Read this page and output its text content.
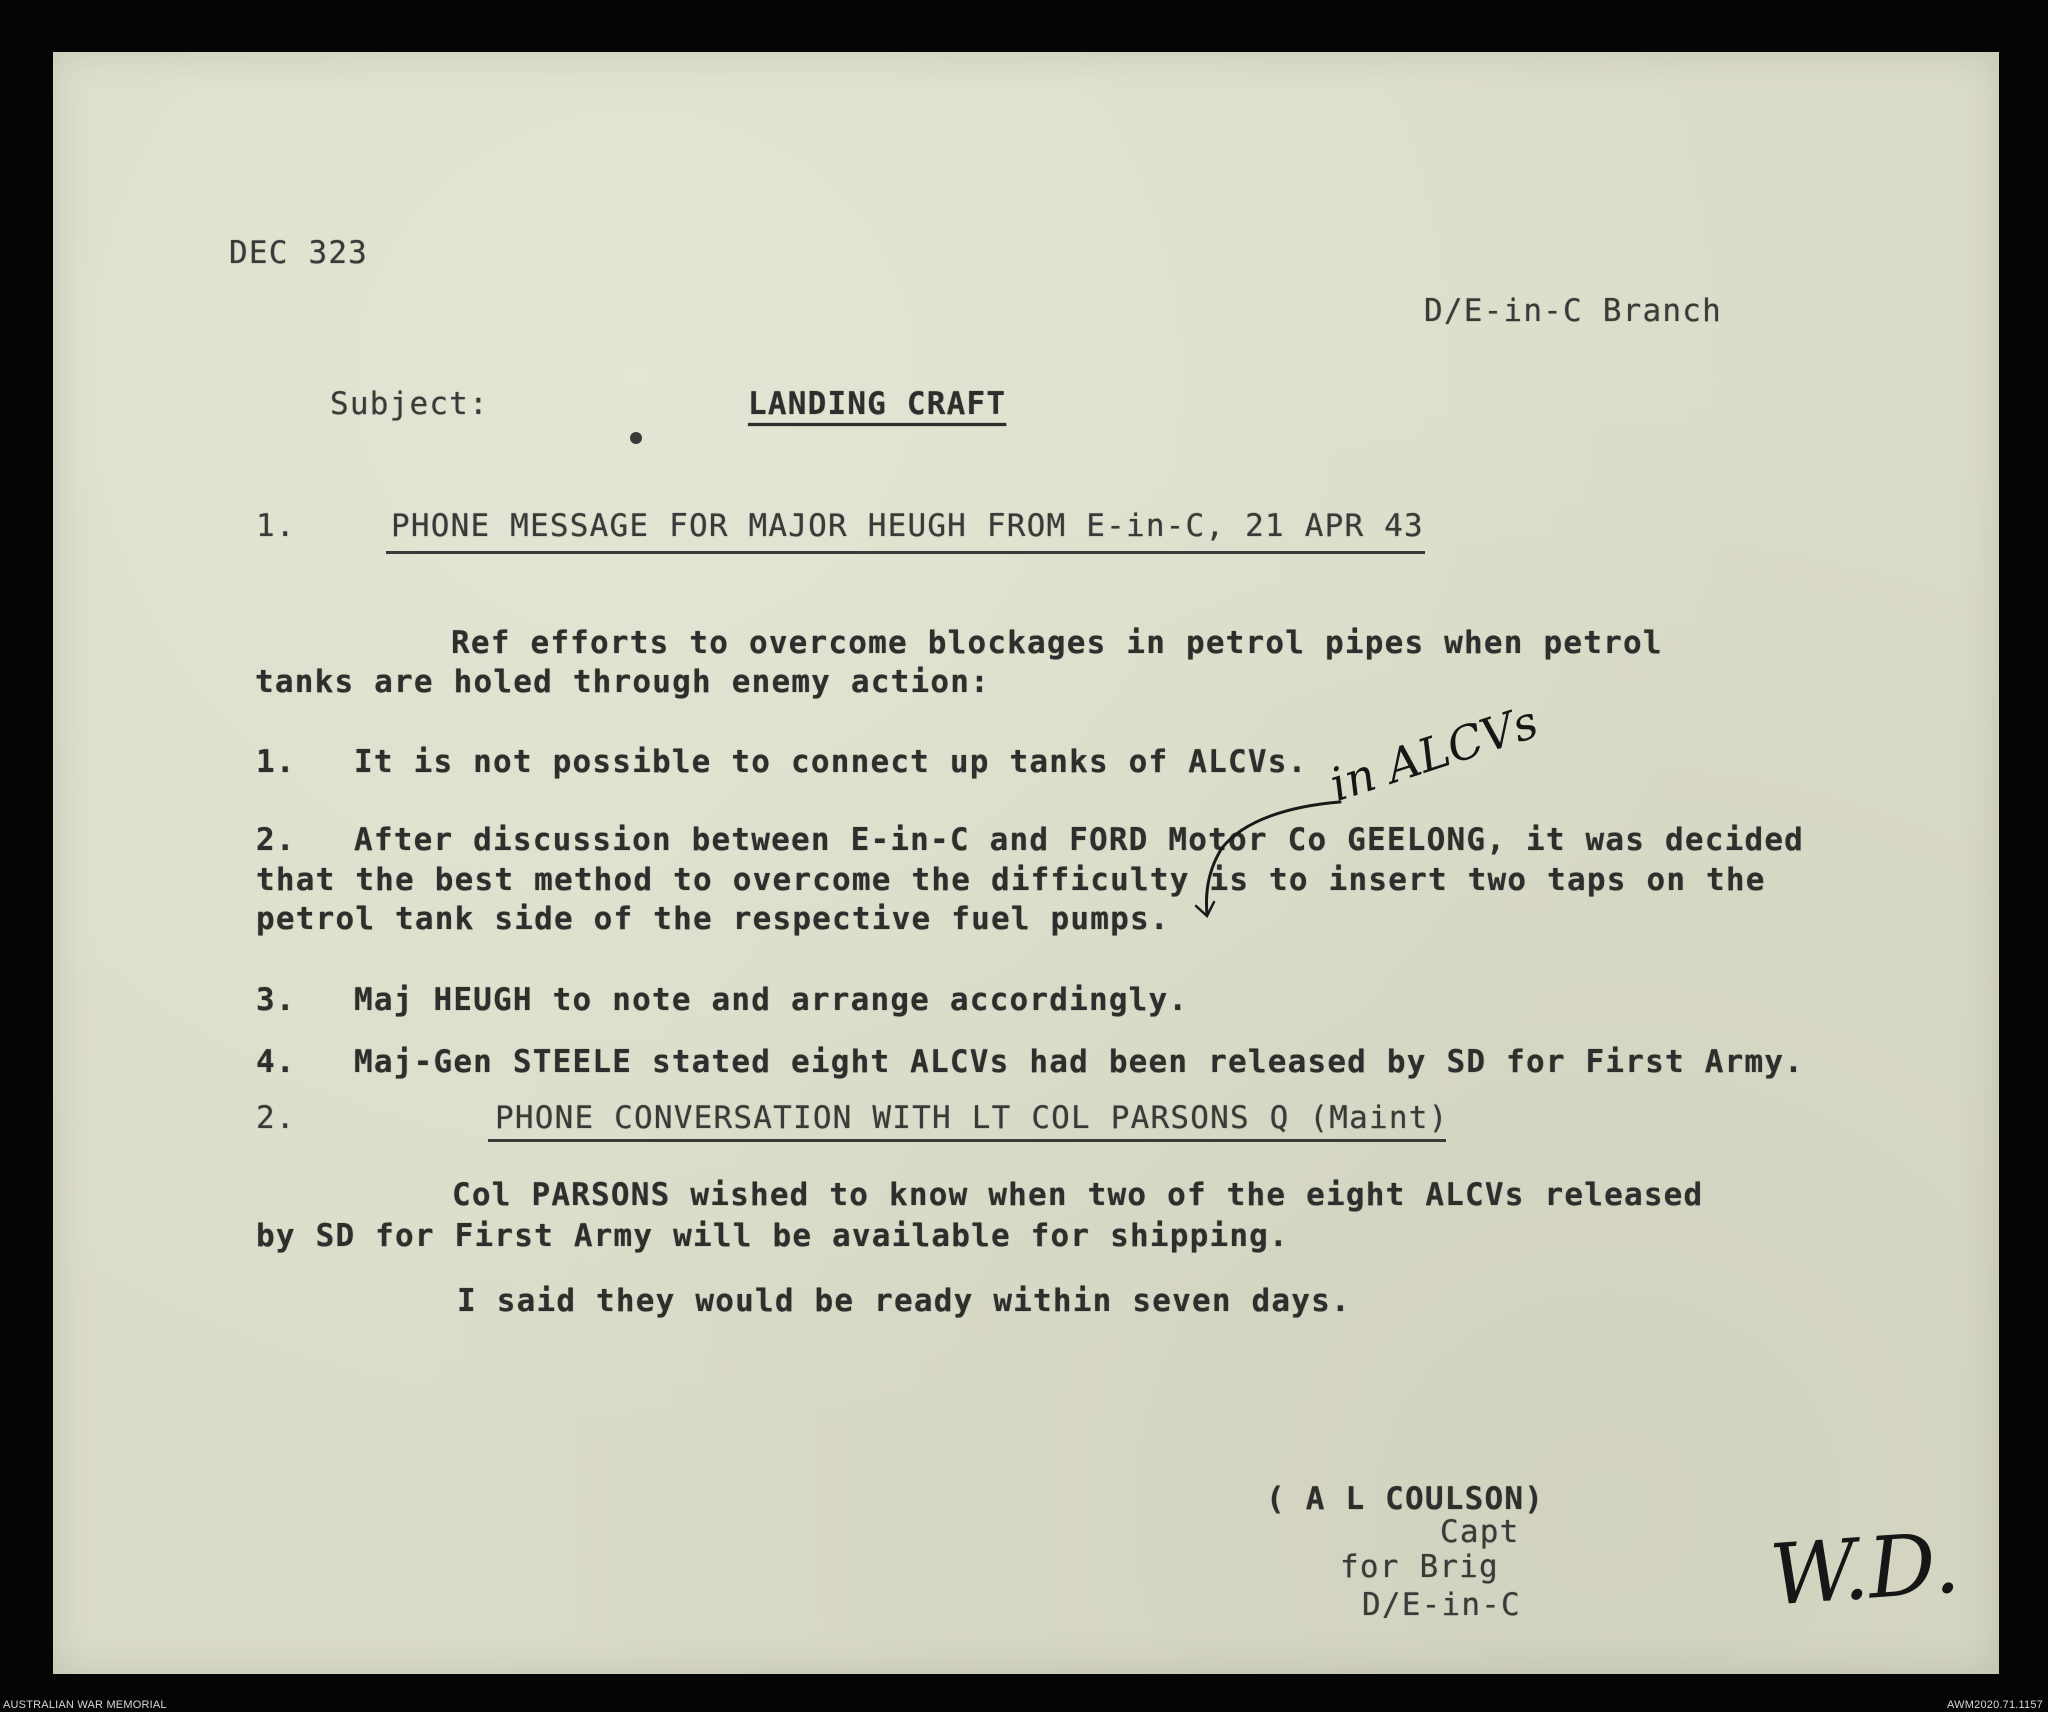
DEC 323
D/E-in-C Branch
Subject:	LANDING CRAFT
1.	PHONE MESSAGE FOR MAJOR HEUGH FROM E-in-C, 21 APR 43
Ref efforts to overcome blockages in petrol pipes when petrol
tanks are holed through enemy action:
1. It is not possible to connect up tanks of ALCVs.
2. After discussion between E-in-C and FORD Motor Co GEELONG, it was decided
that the best method to overcome the difficulty is to insert two taps on the
petrol tank side of the respective fuel pumps.
3. Maj HEUGH to note and arrange accordingly.
4. Maj-Gen STEELE stated eight ALCVs had been released by SD for First Army.
2.	PHONE CONVERSATION WITH LT COL PARSONS Q (Maint)
Col PARSONS wished to know when two of the eight ALCVs released
by SD for First Army will be available for shipping.
I said they would be ready within seven days.
in ALCVs
( A L COULSON)
Capt
for Brig
D/E-in-C	W.D.
AUSTRALIAN WAR MEMORIAL	AWM2020.71.1157
